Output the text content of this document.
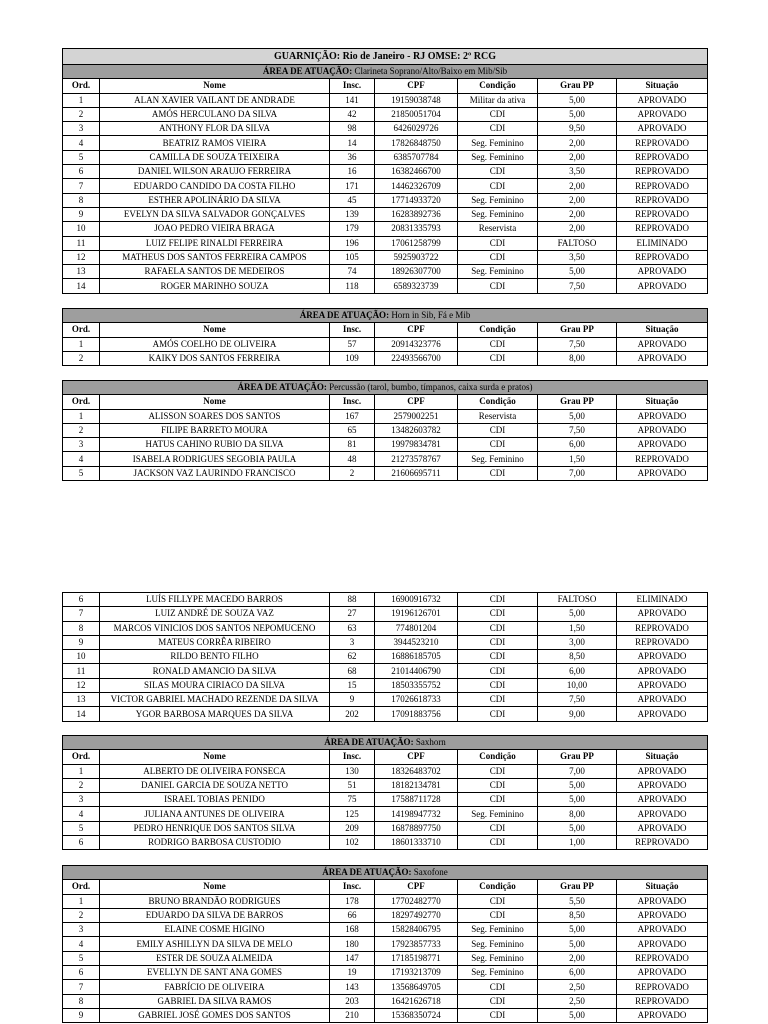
GUARNIÇÃO: Rio de Janeiro - RJ OMSE: 2º RCG						
ÁREA DE ATUAÇÃO: Clarineta Soprano/Alto/Baixo em Mib/Sib						
Ord.	Nome	Insc.	CPF	Condição	Grau PP	Situação
1	ALAN XAVIER VAILANT DE ANDRADE	141	19159038748	Militar da ativa	5,00	APROVADO
2	AMÓS HERCULANO DA SILVA	42	21850051704	CDI	5,00	APROVADO
3	ANTHONY FLOR DA SILVA	98	6426029726	CDI	9,50	APROVADO
4	BEATRIZ RAMOS VIEIRA	14	17826848750	Seg. Feminino	2,00	REPROVADO
5	CAMILLA DE SOUZA TEIXEIRA	36	6385707784	Seg. Feminino	2,00	REPROVADO
6	DANIEL WILSON ARAUJO FERREIRA	16	16382466700	CDI	3,50	REPROVADO
7	EDUARDO CANDIDO DA COSTA FILHO	171	14462326709	CDI	2,00	REPROVADO
8	ESTHER APOLINÁRIO DA SILVA	45	17714933720	Seg. Feminino	2,00	REPROVADO
9	EVELYN DA SILVA SALVADOR GONÇALVES	139	16283892736	Seg. Feminino	2,00	REPROVADO
10	JOAO PEDRO VIEIRA BRAGA	179	20831335793	Reservista	2,00	REPROVADO
11	LUIZ FELIPE RINALDI FERREIRA	196	17061258799	CDI	FALTOSO	ELIMINADO
12	MATHEUS DOS SANTOS FERREIRA CAMPOS	105	5925903722	CDI	3,50	REPROVADO
13	RAFAELA SANTOS DE MEDEIROS	74	18926307700	Seg. Feminino	5,00	APROVADO
14	ROGER MARINHO SOUZA	118	6589323739	CDI	7,50	APROVADO
ÁREA DE ATUAÇÃO: Horn in Sib, Fá e Mib						
Ord.	Nome	Insc.	CPF	Condição	Grau PP	Situação
1	AMÓS COELHO DE OLIVEIRA	57	20914323776	CDI	7,50	APROVADO
2	KAIKY DOS SANTOS FERREIRA	109	22493566700	CDI	8,00	APROVADO
ÁREA DE ATUAÇÃO: Percussão (tarol, bumbo, tímpanos, caixa surda e pratos)						
Ord.	Nome	Insc.	CPF	Condição	Grau PP	Situação
1	ALISSON SOARES DOS SANTOS	167	2579002251	Reservista	5,00	APROVADO
2	FILIPE BARRETO MOURA	65	13482603782	CDI	7,50	APROVADO
3	HATUS CAHINO RUBIO DA SILVA	81	19979834781	CDI	6,00	APROVADO
4	ISABELA RODRIGUES SEGOBIA PAULA	48	21273578767	Seg. Feminino	1,50	REPROVADO
5	JACKSON VAZ LAURINDO FRANCISCO	2	21606695711	CDI	7,00	APROVADO
6	LUÍS FILLYPE MACEDO BARROS	88	16900916732	CDI	FALTOSO	ELIMINADO
7	LUIZ ANDRÉ DE SOUZA VAZ	27	19196126701	CDI	5,00	APROVADO
8	MARCOS VINICIOS DOS SANTOS NEPOMUCENO	63	774801204	CDI	1,50	REPROVADO
9	MATEUS CORRÊA RIBEIRO	3	3944523210	CDI	3,00	REPROVADO
10	RILDO BENTO FILHO	62	16886185705	CDI	8,50	APROVADO
11	RONALD AMANCIO DA SILVA	68	21014406790	CDI	6,00	APROVADO
12	SILAS MOURA CIRIACO DA SILVA	15	18503355752	CDI	10,00	APROVADO
13	VICTOR GABRIEL MACHADO REZENDE DA SILVA	9	17026618733	CDI	7,50	APROVADO
14	YGOR BARBOSA MARQUES DA SILVA	202	17091883756	CDI	9,00	APROVADO
ÁREA DE ATUAÇÃO: Saxhorn						
Ord.	Nome	Insc.	CPF	Condição	Grau PP	Situação
1	ALBERTO DE OLIVEIRA FONSECA	130	18326483702	CDI	7,00	APROVADO
2	DANIEL GARCIA DE SOUZA NETTO	51	18182134781	CDI	5,00	APROVADO
3	ISRAEL TOBIAS PENIDO	75	17588711728	CDI	5,00	APROVADO
4	JULIANA ANTUNES DE OLIVEIRA	125	14198947732	Seg. Feminino	8,00	APROVADO
5	PEDRO HENRIQUE DOS SANTOS SILVA	209	16878897750	CDI	5,00	APROVADO
6	RODRIGO BARBOSA CUSTODIO	102	18601333710	CDI	1,00	REPROVADO
ÁREA DE ATUAÇÃO: Saxofone						
Ord.	Nome	Insc.	CPF	Condição	Grau PP	Situação
1	BRUNO BRANDÃO RODRIGUES	178	17702482770	CDI	5,50	APROVADO
2	EDUARDO DA SILVA DE BARROS	66	18297492770	CDI	8,50	APROVADO
3	ELAINE COSME HIGINO	168	15828406795	Seg. Feminino	5,00	APROVADO
4	EMILY ASHILLYN DA SILVA DE MELO	180	17923857733	Seg. Feminino	5,00	APROVADO
5	ESTER DE SOUZA ALMEIDA	147	17185198771	Seg. Feminino	2,00	REPROVADO
6	EVELLYN DE SANT ANA GOMES	19	17193213709	Seg. Feminino	6,00	APROVADO
7	FABRÍCIO DE OLIVEIRA	143	13568649705	CDI	2,50	REPROVADO
8	GABRIEL DA SILVA RAMOS	203	16421626718	CDI	2,50	REPROVADO
9	GABRIEL JOSÉ GOMES DOS SANTOS	210	15368350724	CDI	5,00	APROVADO
